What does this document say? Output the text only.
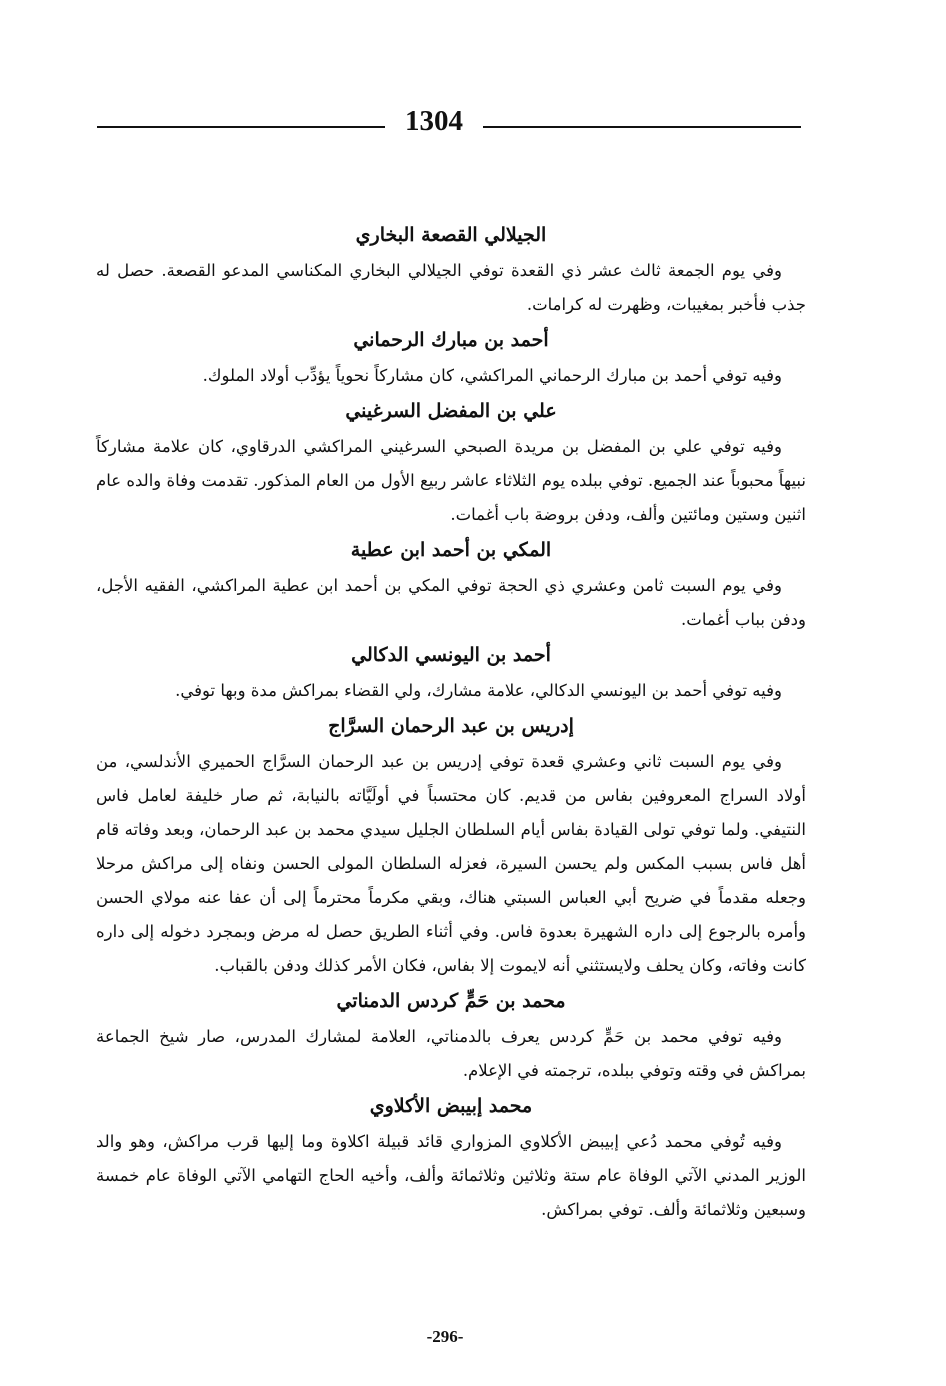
1304
الجيلالي القصعة البخاري

وفي يوم الجمعة ثالث عشر ذي القعدة توفي الجيلالي البخاري المكناسي المدعو القصعة. حصل له جذب فأخبر بمغيبات، وظهرت له كرامات.

أحمد بن مبارك الرحماني

وفيه توفي أحمد بن مبارك الرحماني المراكشي، كان مشاركاً نحوياً يؤدِّب أولاد الملوك.

علي بن المفضل السرغيني

وفيه توفي علي بن المفضل بن مريدة الصبحي السرغيني المراكشي الدرقاوي، كان علامة مشاركاً نبيهاً محبوباً عند الجميع. توفي ببلده يوم الثلاثاء عاشر ربيع الأول من العام المذكور. تقدمت وفاة والده عام اثنين وستين ومائتين وألف، ودفن بروضة باب أغمات.

المكي بن أحمد ابن عطية

وفي يوم السبت ثامن وعشري ذي الحجة توفي المكي بن أحمد ابن عطية المراكشي، الفقيه الأجل، ودفن بباب أغمات.

أحمد بن اليونسي الدكالي

وفيه توفي أحمد بن اليونسي الدكالي، علامة مشارك، ولي القضاء بمراكش مدة وبها توفي.

إدريس بن عبد الرحمان السرَّاج

وفي يوم السبت ثاني وعشري قعدة توفي إدريس بن عبد الرحمان السرَّاج الحميري الأندلسي، من أولاد السراج المعروفين بفاس من قديم. كان محتسباً في أولَيَّاته بالنيابة، ثم صار خليفة لعامل فاس النتيفي. ولما توفي تولى القيادة بفاس أيام السلطان الجليل سيدي محمد بن عبد الرحمان، وبعد وفاته قام أهل فاس بسبب المكس ولم يحسن السيرة، فعزله السلطان المولى الحسن ونفاه إلى مراكش مرحلا وجعله مقدماً في ضريح أبي العباس السبتي هناك، وبقي مكرماً محترماً إلى أن عفا عنه مولاي الحسن وأمره بالرجوع إلى داره الشهيرة بعدوة فاس. وفي أثناء الطريق حصل له مرض وبمجرد دخوله إلى داره كانت وفاته، وكان يحلف ولايستثني أنه لايموت إلا بفاس، فكان الأمر كذلك ودفن بالقباب.

محمد بن حَمٍّ كردس الدمناتي

وفيه توفي محمد بن حَمٍّ كردس يعرف بالدمناتي، العلامة لمشارك المدرس، صار شيخ الجماعة بمراكش في وقته وتوفي ببلده، ترجمته في الإعلام.

محمد إبيبض الأكلاوي

وفيه تُوفي محمد دُعي إبيبض الأكلاوي المزواري قائد قبيلة اكلاوة وما إليها قرب مراكش، وهو والد الوزير المدني الآتي الوفاة عام ستة وثلاثين وثلاثمائة وألف، وأخيه الحاج التهامي الآتي الوفاة عام خمسة وسبعين وثلاثمائة وألف. توفي بمراكش.

-296-
